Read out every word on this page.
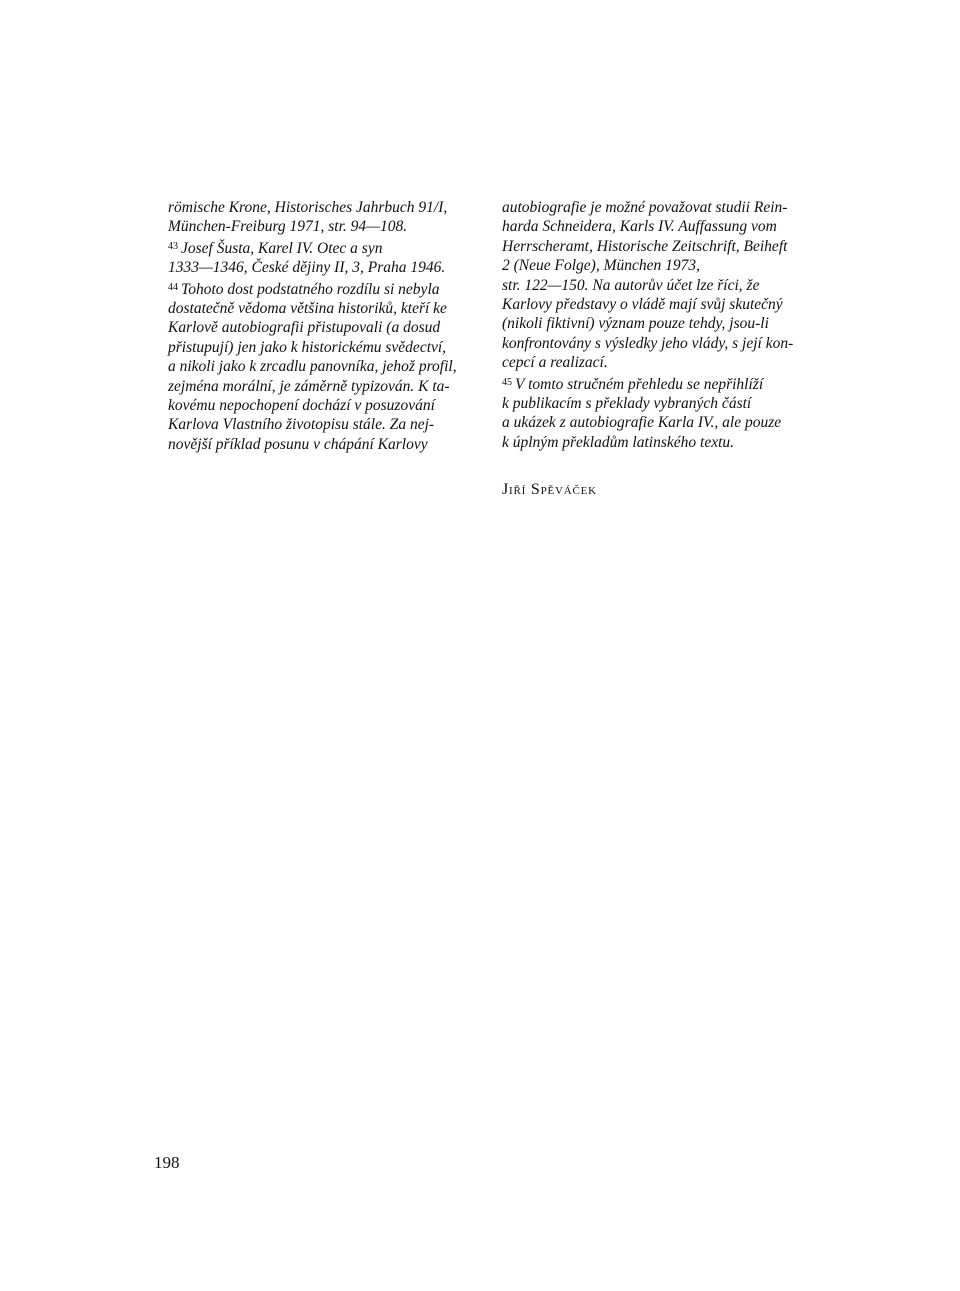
römische Krone, Historisches Jahrbuch 91/I,
München-Freiburg 1971, str. 94—108.
$^{43}$ Josef Šusta, Karel IV. Otec a syn
1333—1346, České dějiny II, 3, Praha 1946.
$^{44}$ Tohoto dost podstatného rozdílu si nebyla
dostatečně vědoma většina historiků, kteří ke
Karlově autobiografii přistupovali (a dosud
přistupují) jen jako k historickému svědectví,
a nikoli jako k zrcadlu panovníka, jehož profil,
zejména morální, je záměrně typizován. K ta-
kovému nepochopení dochází v posuzování
Karlova Vlastního životopisu stále. Za nej-
novější příklad posunu v chápání Karlovy
autobiografie je možné považovat studii Rein-
harda Schneidera, Karls IV. Auffassung vom
Herrscheramt, Historische Zeitschrift, Beiheft
2 (Neue Folge), München 1973,
str. 122—150. Na autorův účet lze říci, že
Karlovy představy o vládě mají svůj skutečný
(nikoli fiktivní) význam pouze tehdy, jsou-li
konfrontovány s výsledky jeho vlády, s její kon-
cepcí a realizací.
$^{45}$ V tomto stručném přehledu se nepřihlíží
k publikacím s překlady vybraných částí
a ukázek z autobiografie Karla IV., ale pouze
k úplným překladům latinského textu.
Jiří Spěváček
198
